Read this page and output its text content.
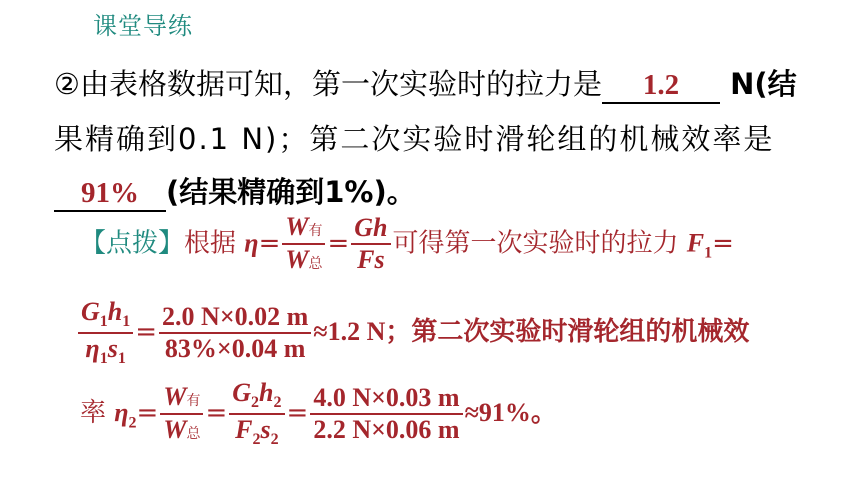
课堂导练
②由表格数据可知，第一次实验时的拉力是 1.2 N(结
果精确到0.1 N)；第二次实验时滑轮组的机械效率是
91% (结果精确到1%)。
【点拨】根据 $\eta= \frac{\text{W有}}{\text{W总}} = \frac{Gh}{Fs}$ 可得第一次实验时的拉力 $F_1=$
$\frac{G_1h_1}{\eta_1s_1} = \frac{2.0 N\times 0.02 m}{83\%\times 0.04 m} \approx 1.2$ N；第二次实验时滑轮组的机械效
率 $\eta_2= \frac{\text{W有}}{\text{W总}} = \frac{G_2h_2}{F_2s_2} = \frac{4.0 N\times 0.03 m}{2.2 N\times 0.06 m} \approx 91\%$。
